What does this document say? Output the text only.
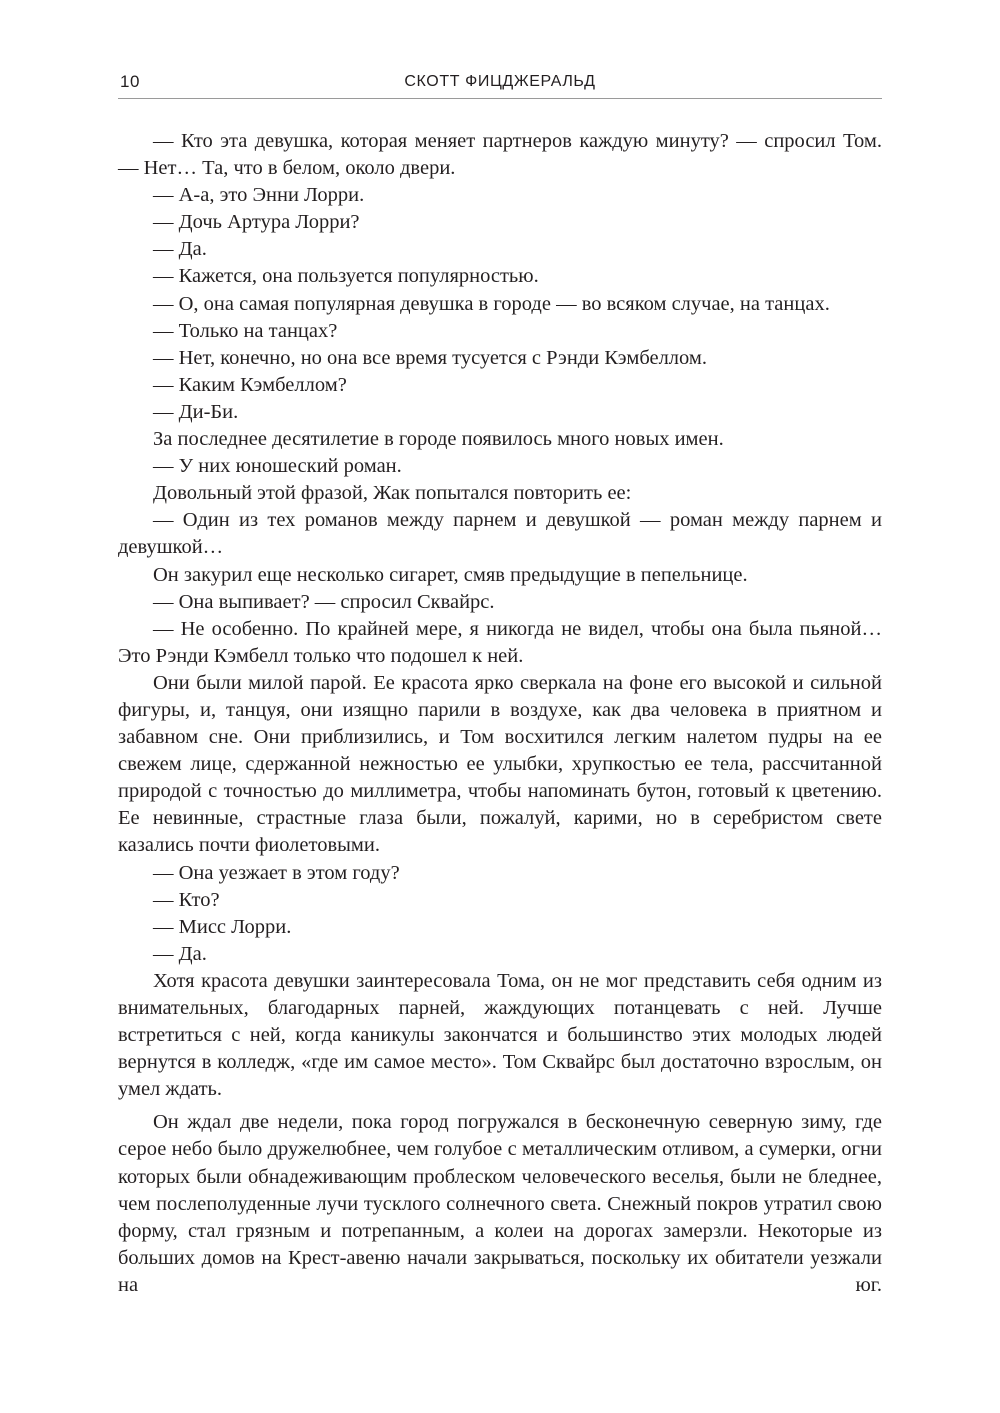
10	СКОТТ ФИЦДЖЕРАЛЬД

— Кто эта девушка, которая меняет партнеров каждую минуту? — спросил Том. — Нет… Та, что в белом, около двери.

— А-а, это Энни Лорри.

— Дочь Артура Лорри?

— Да.

— Кажется, она пользуется популярностью.

— О, она самая популярная девушка в городе — во всяком случае, на танцах.

— Только на танцах?

— Нет, конечно, но она все время тусуется с Рэнди Кэмбеллом.

— Каким Кэмбеллом?

— Ди-Би.

За последнее десятилетие в городе появилось много новых имен.

— У них юношеский роман.

Довольный этой фразой, Жак попытался повторить ее:

— Один из тех романов между парнем и девушкой — роман между парнем и девушкой…

Он закурил еще несколько сигарет, смяв предыдущие в пепельнице.

— Она выпивает? — спросил Сквайрс.

— Не особенно. По крайней мере, я никогда не видел, чтобы она была пьяной… Это Рэнди Кэмбелл только что подошел к ней.

Они были милой парой. Ее красота ярко сверкала на фоне его высокой и сильной фигуры, и, танцуя, они изящно парили в воздухе, как два человека в приятном и забавном сне. Они приблизились, и Том восхитился легким налетом пудры на ее свежем лице, сдержанной нежностью ее улыбки, хрупкостью ее тела, рассчитанной природой с точностью до миллиметра, чтобы напоминать бутон, готовый к цветению. Ее невинные, страстные глаза были, пожалуй, карими, но в серебристом свете казались почти фиолетовыми.

— Она уезжает в этом году?

— Кто?

— Мисс Лорри.

— Да.

Хотя красота девушки заинтересовала Тома, он не мог представить себя одним из внимательных, благодарных парней, жаждующих потанцевать с ней. Лучше встретиться с ней, когда каникулы закончатся и большинство этих молодых людей вернутся в колледж, «где им самое место». Том Сквайрс был достаточно взрослым, он умел ждать.

Он ждал две недели, пока город погружался в бесконечную северную зиму, где серое небо было дружелюбнее, чем голубое с металлическим отливом, а сумерки, огни которых были обнадеживающим проблеском человеческого веселья, были не бледнее, чем послеполуденные лучи тусклого солнечного света. Снежный покров утратил свою форму, стал грязным и потрепанным, а колеи на дорогах замерзли. Некоторые из больших домов на Крест-авеню начали закрываться, поскольку их обитатели уезжали на юг.
